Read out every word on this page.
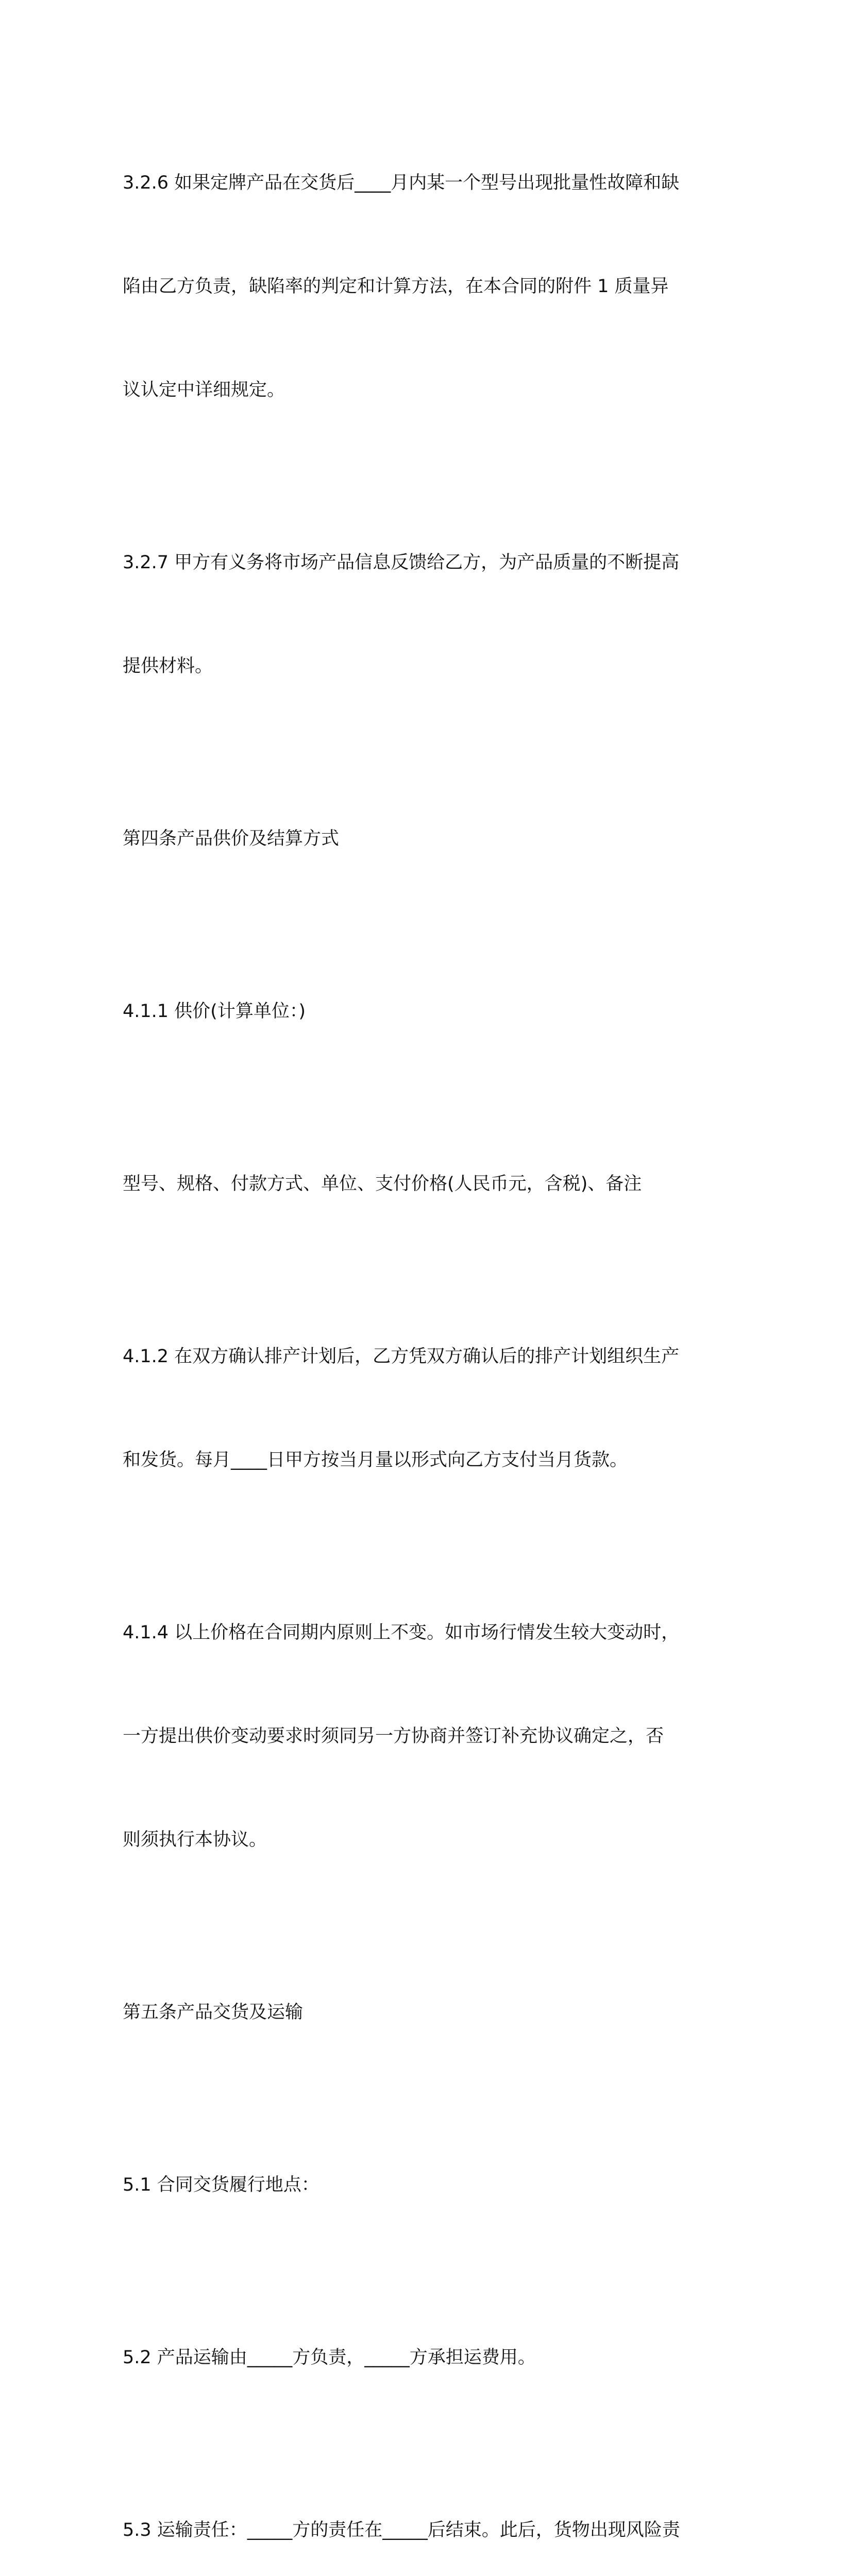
3.2.6 如果定牌产品在交货后____月内某一个型号出现批量性故障和缺

陷由乙方负责，缺陷率的判定和计算方法，在本合同的附件 1 质量异

议认定中详细规定。

3.2.7 甲方有义务将市场产品信息反馈给乙方，为产品质量的不断提高

提供材料。

第四条产品供价及结算方式

4.1.1 供价(计算单位：)

型号、规格、付款方式、单位、支付价格(人民币元，含税)、备注

4.1.2 在双方确认排产计划后，乙方凭双方确认后的排产计划组织生产

和发货。每月____日甲方按当月量以形式向乙方支付当月货款。

4.1.4 以上价格在合同期内原则上不变。如市场行情发生较大变动时，

一方提出供价变动要求时须同另一方协商并签订补充协议确定之，否

则须执行本协议。

第五条产品交货及运输

5.1 合同交货履行地点：

5.2 产品运输由_____方负责，_____方承担运费用。

5.3 运输责任：_____方的责任在_____后结束。此后，货物出现风险责
